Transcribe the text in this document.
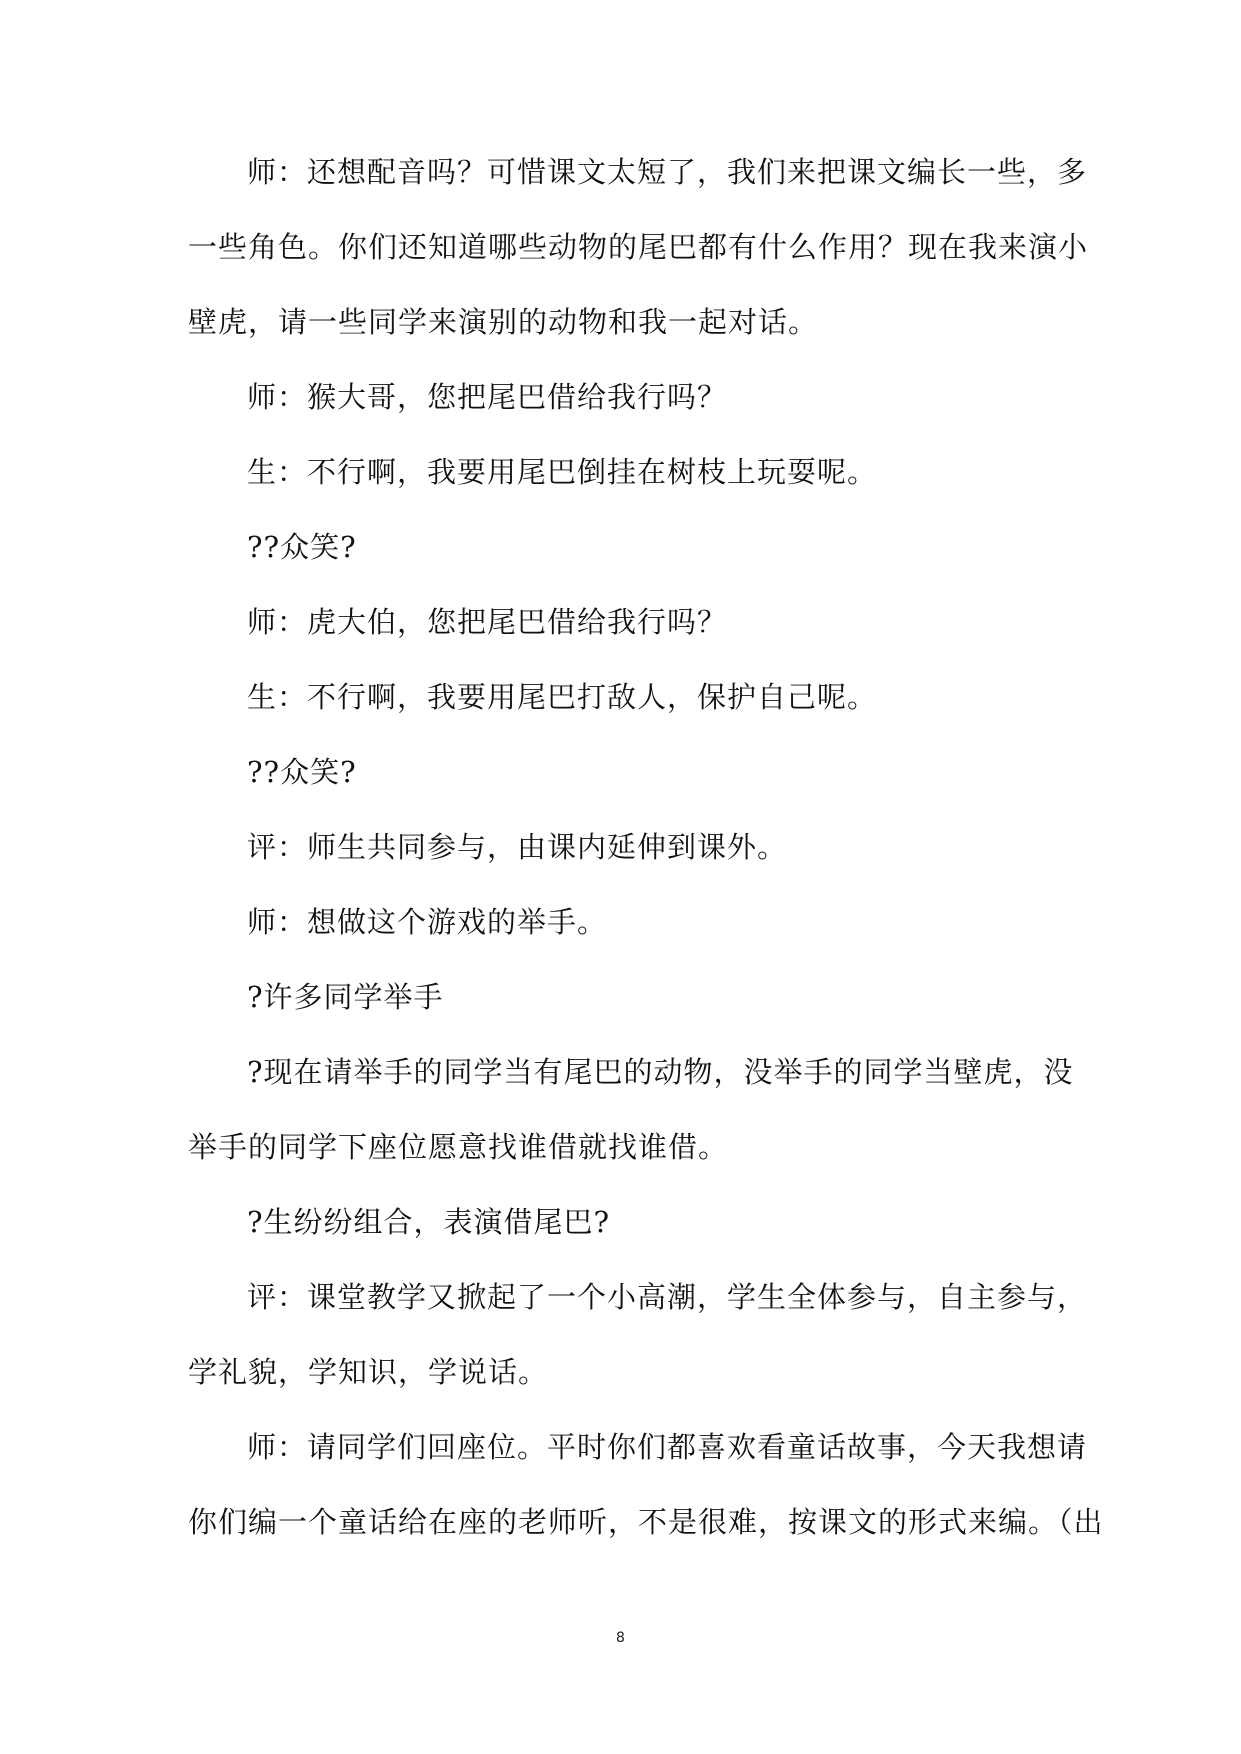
师：还想配音吗？可惜课文太短了，我们来把课文编长一些，多
一些角色。你们还知道哪些动物的尾巴都有什么作用？现在我来演小
壁虎，请一些同学来演别的动物和我一起对话。
师：猴大哥，您把尾巴借给我行吗？
生：不行啊，我要用尾巴倒挂在树枝上玩耍呢。
??众笑?
师：虎大伯，您把尾巴借给我行吗？
生：不行啊，我要用尾巴打敌人，保护自己呢。
??众笑?
评：师生共同参与，由课内延伸到课外。
师：想做这个游戏的举手。
?许多同学举手
?现在请举手的同学当有尾巴的动物，没举手的同学当壁虎，没
举手的同学下座位愿意找谁借就找谁借。
?生纷纷组合，表演借尾巴?
评：课堂教学又掀起了一个小高潮，学生全体参与，自主参与，
学礼貌，学知识，学说话。
师：请同学们回座位。平时你们都喜欢看童话故事，今天我想请
你们编一个童话给在座的老师听，不是很难，按课文的形式来编。（出
8
